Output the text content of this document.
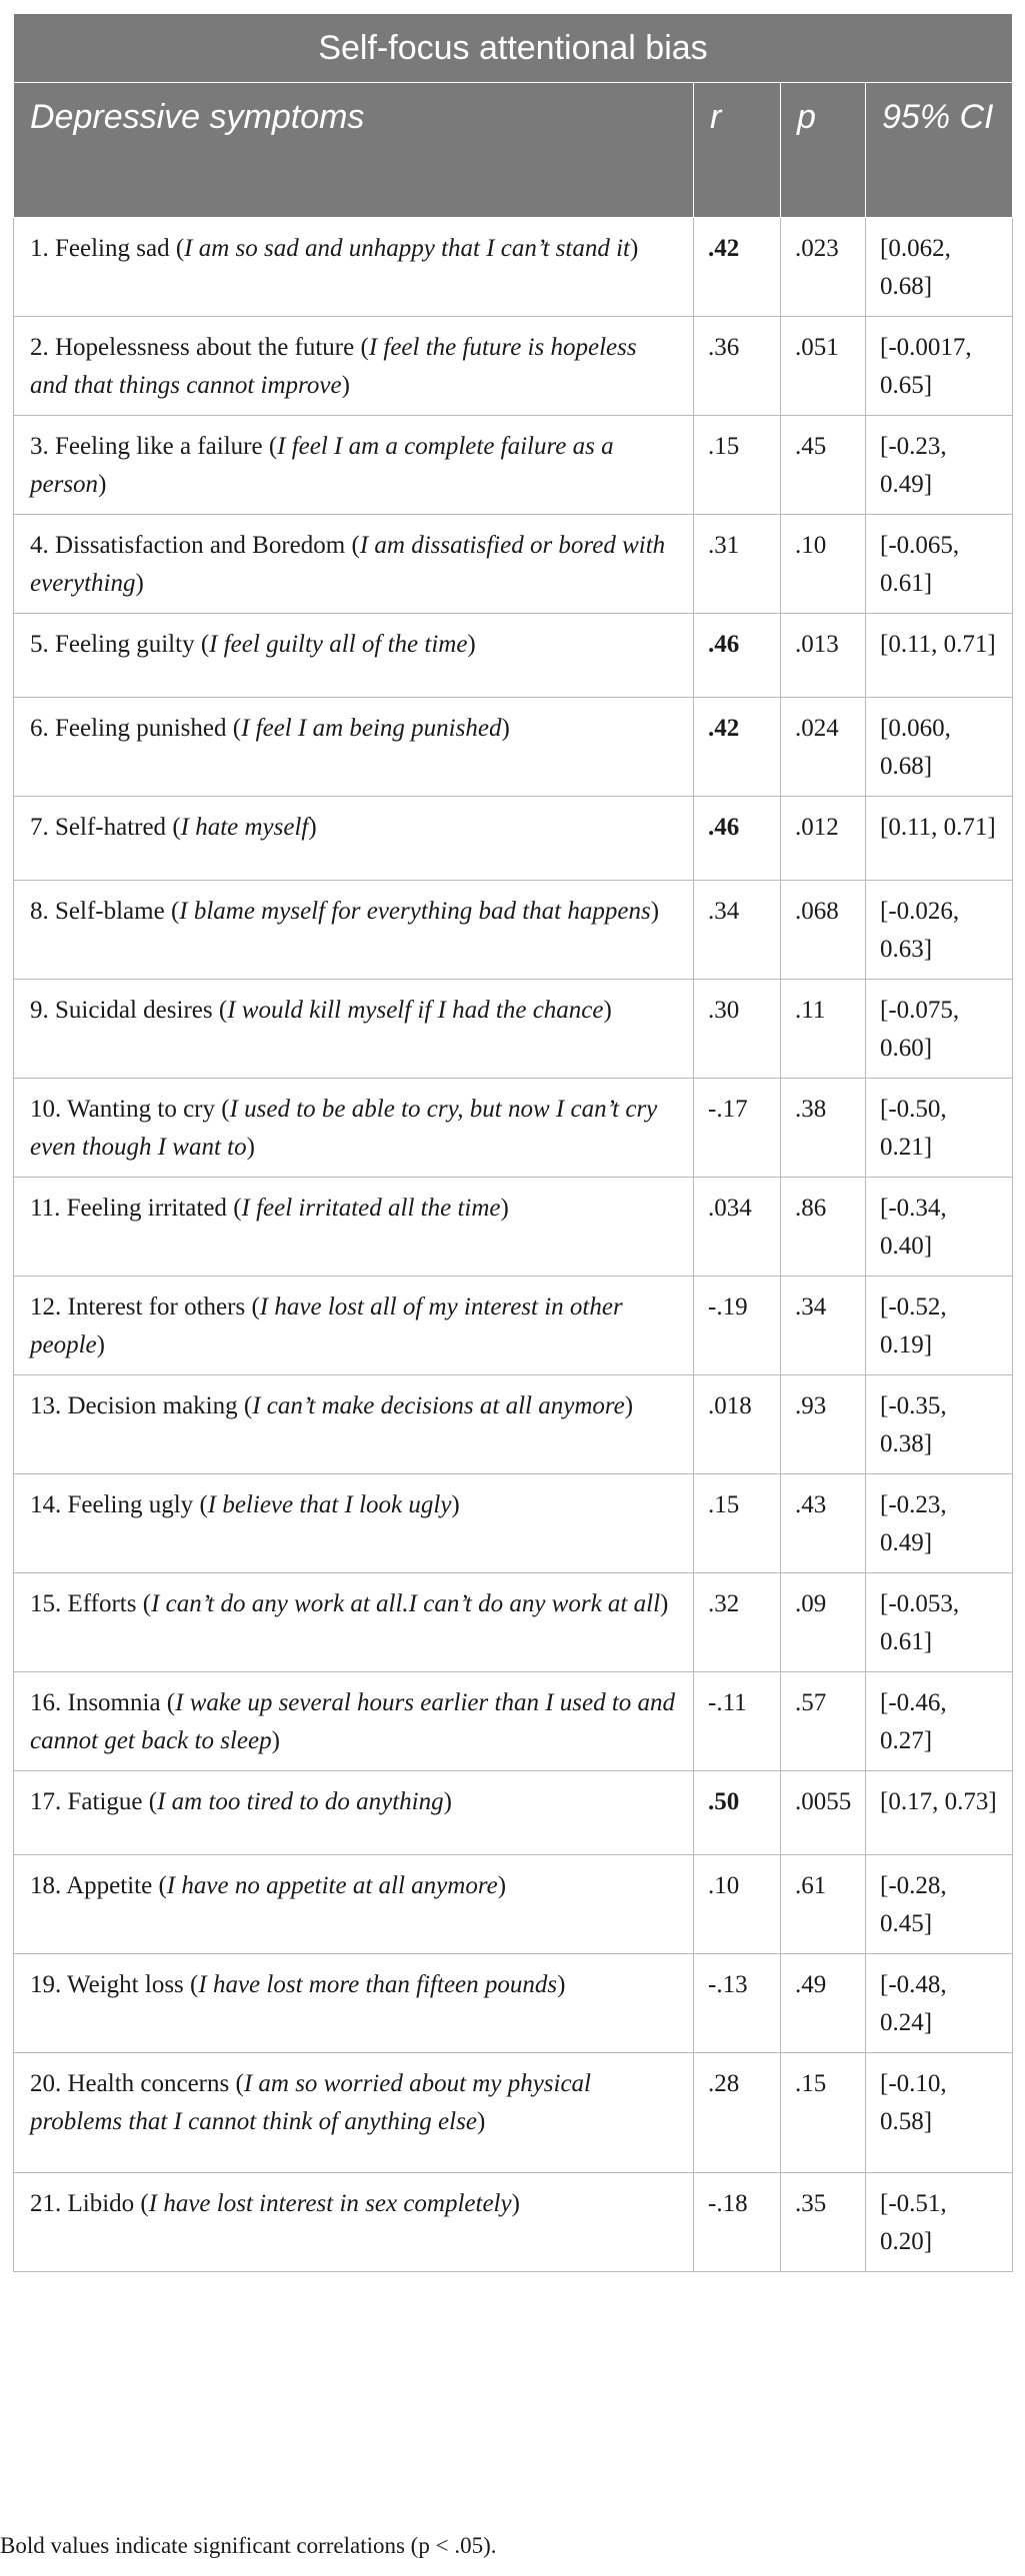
Self-focus attentional bias			
Depressive symptoms	r	p	95% CI
1. Feeling sad (I am so sad and unhappy that I can’t stand it)	.42	.023	[0.062, 0.68]
2. Hopelessness about the future (I feel the future is hopeless and that things cannot improve)	.36	.051	[-0.0017, 0.65]
3. Feeling like a failure (I feel I am a complete failure as a person)	.15	.45	[-0.23, 0.49]
4. Dissatisfaction and Boredom (I am dissatisfied or bored with everything)	.31	.10	[-0.065, 0.61]
5. Feeling guilty (I feel guilty all of the time)	.46	.013	[0.11, 0.71]
6. Feeling punished (I feel I am being punished)	.42	.024	[0.060, 0.68]
7. Self-hatred (I hate myself)	.46	.012	[0.11, 0.71]
8. Self-blame (I blame myself for everything bad that happens)	.34	.068	[-0.026, 0.63]
9. Suicidal desires (I would kill myself if I had the chance)	.30	.11	[-0.075, 0.60]
10. Wanting to cry (I used to be able to cry, but now I can’t cry even though I want to)	-.17	.38	[-0.50, 0.21]
11. Feeling irritated (I feel irritated all the time)	.034	.86	[-0.34, 0.40]
12. Interest for others (I have lost all of my interest in other people)	-.19	.34	[-0.52, 0.19]
13. Decision making (I can’t make decisions at all anymore)	.018	.93	[-0.35, 0.38]
14. Feeling ugly (I believe that I look ugly)	.15	.43	[-0.23, 0.49]
15. Efforts (I can’t do any work at all.I can’t do any work at all)	.32	.09	[-0.053, 0.61]
16. Insomnia (I wake up several hours earlier than I used to and cannot get back to sleep)	-.11	.57	[-0.46, 0.27]
17. Fatigue (I am too tired to do anything)	.50	.0055	[0.17, 0.73]
18. Appetite (I have no appetite at all anymore)	.10	.61	[-0.28, 0.45]
19. Weight loss (I have lost more than fifteen pounds)	-.13	.49	[-0.48, 0.24]
20. Health concerns (I am so worried about my physical problems that I cannot think of anything else)	.28	.15	[-0.10, 0.58]
21. Libido (I have lost interest in sex completely)	-.18	.35	[-0.51, 0.20]
Bold values indicate significant correlations (p < .05).
